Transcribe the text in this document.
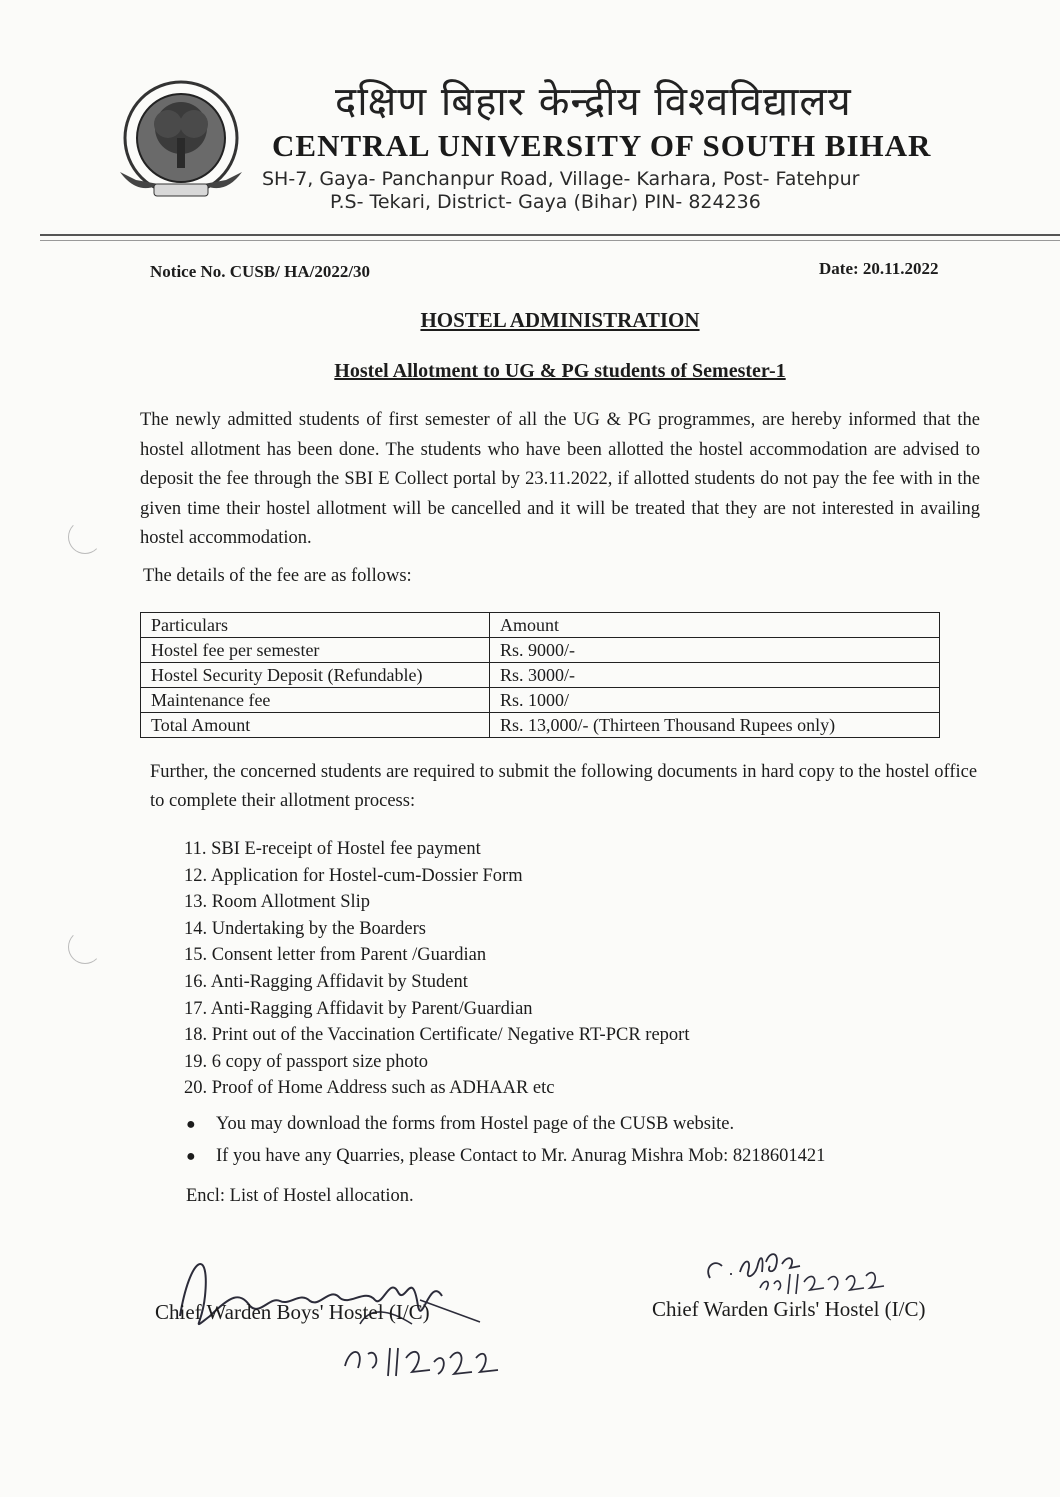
दक्षिण बिहार केन्द्रीय विश्वविद्यालय
CENTRAL UNIVERSITY OF SOUTH BIHAR
SH-7, Gaya- Panchanpur Road, Village- Karhara, Post- Fatehpur
P.S- Tekari, District- Gaya (Bihar) PIN- 824236
Notice No. CUSB/ HA/2022/30	Date: 20.11.2022
HOSTEL ADMINISTRATION
Hostel Allotment to UG & PG students of Semester-1
The newly admitted students of first semester of all the UG & PG programmes, are hereby informed that the hostel allotment has been done. The students who have been allotted the hostel accommodation are advised to deposit the fee through the SBI E Collect portal by 23.11.2022, if allotted students do not pay the fee with in the given time their hostel allotment will be cancelled and it will be treated that they are not interested in availing hostel accommodation.
The details of the fee are as follows:
Particulars	Amount
Hostel fee per semester	Rs. 9000/-
Hostel Security Deposit (Refundable)	Rs. 3000/-
Maintenance fee	Rs. 1000/
Total Amount	Rs. 13,000/- (Thirteen Thousand Rupees only)
Further, the concerned students are required to submit the following documents in hard copy to the hostel office to complete their allotment process:
11. SBI E-receipt of Hostel fee payment
12. Application for Hostel-cum-Dossier Form
13. Room Allotment Slip
14. Undertaking by the Boarders
15. Consent letter from Parent /Guardian
16. Anti-Ragging Affidavit by Student
17. Anti-Ragging Affidavit by Parent/Guardian
18. Print out of the Vaccination Certificate/ Negative RT-PCR report
19. 6 copy of passport size photo
20. Proof of Home Address such as ADHAAR etc
● You may download the forms from Hostel page of the CUSB website.
● If you have any Quarries, please Contact to Mr. Anurag Mishra Mob: 8218601421
Encl: List of Hostel allocation.
Chief Warden Boys' Hostel (I/C)	Chief Warden Girls' Hostel (I/C)
